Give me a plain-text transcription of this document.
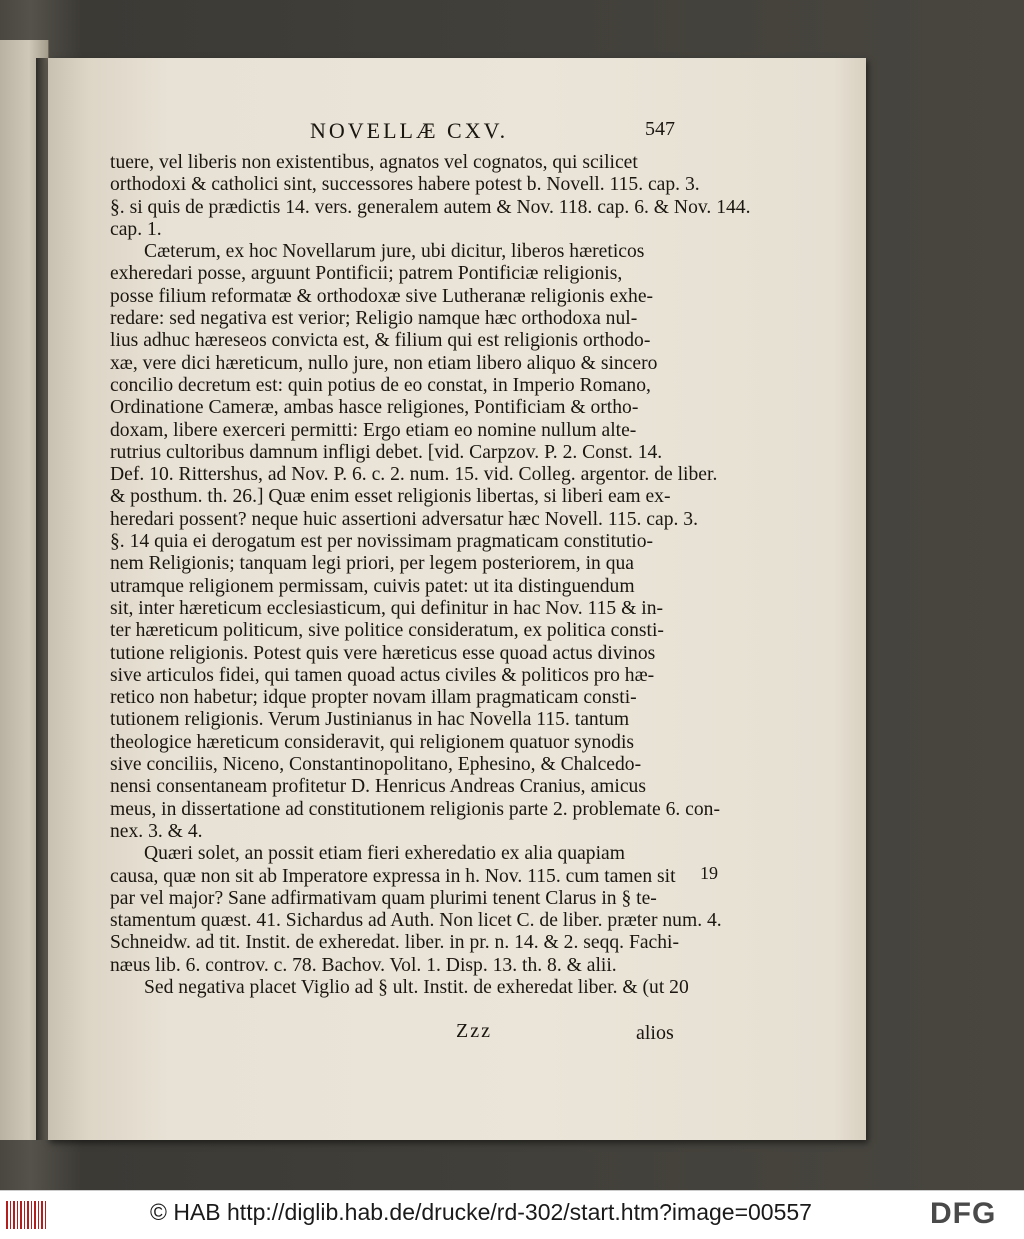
NOVELLÆ CXV.	547
tuere, vel liberis non existentibus, agnatos vel cognatos, qui scilicet
orthodoxi & catholici sint, successores habere potest b. Novell. 115. cap. 3.
§. si quis de prædictis 14. vers. generalem autem & Nov. 118. cap. 6. & Nov. 144.
cap. 1.
Cæterum, ex hoc Novellarum jure, ubi dicitur, liberos hæreticos
exheredari posse, arguunt Pontificii; patrem Pontificiæ religionis,
posse filium reformatæ & orthodoxæ sive Lutheranæ religionis exhe-
redare: sed negativa est verior; Religio namque hæc orthodoxa nul-
lius adhuc hæreseos convicta est, & filium qui est religionis orthodo-
xæ, vere dici hæreticum, nullo jure, non etiam libero aliquo & sincero
concilio decretum est: quin potius de eo constat, in Imperio Romano,
Ordinatione Cameræ, ambas hasce religiones, Pontificiam & ortho-
doxam, libere exerceri permitti: Ergo etiam eo nomine nullum alte-
rutrius cultoribus damnum infligi debet. [vid. Carpzov. P. 2. Const. 14.
Def. 10. Rittershus, ad Nov. P. 6. c. 2. num. 15. vid. Colleg. argentor. de liber.
& posthum. th. 26.] Quæ enim esset religionis libertas, si liberi eam ex-
heredari possent? neque huic assertioni adversatur hæc Novell. 115. cap. 3.
§. 14 quia ei derogatum est per novissimam pragmaticam constitutio-
nem Religionis; tanquam legi priori, per legem posteriorem, in qua
utramque religionem permissam, cuivis patet: ut ita distinguendum
sit, inter hæreticum ecclesiasticum, qui definitur in hac Nov. 115 & in-
ter hæreticum politicum, sive politice consideratum, ex politica consti-
tutione religionis. Potest quis vere hæreticus esse quoad actus divinos
sive articulos fidei, qui tamen quoad actus civiles & politicos pro hæ-
retico non habetur; idque propter novam illam pragmaticam consti-
tutionem religionis. Verum Justinianus in hac Novella 115. tantum
theologice hæreticum consideravit, qui religionem quatuor synodis
sive conciliis, Niceno, Constantinopolitano, Ephesino, & Chalcedo-
nensi consentaneam profitetur D. Henricus Andreas Cranius, amicus
meus, in dissertatione ad constitutionem religionis parte 2. problemate 6. con-
nex. 3. & 4.
Quæri solet, an possit etiam fieri exheredatio ex alia quapiam
causa, quæ non sit ab Imperatore expressa in h. Nov. 115. cum tamen sit
par vel major? Sane adfirmativam quam plurimi tenent Clarus in § te-
stamentum quæst. 41. Sichardus ad Auth. Non licet C. de liber. præter num. 4.
Schneidw. ad tit. Instit. de exheredat. liber. in pr. n. 14. & 2. seqq. Fachi-
næus lib. 6. controv. c. 78. Bachov. Vol. 1. Disp. 13. th. 8. & alii.
Sed negativa placet Viglio ad § ult. Instit. de exheredat liber. & (ut 20
19
Zzz	alios
© HAB http://diglib.hab.de/drucke/rd-302/start.htm?image=00557	DFG
